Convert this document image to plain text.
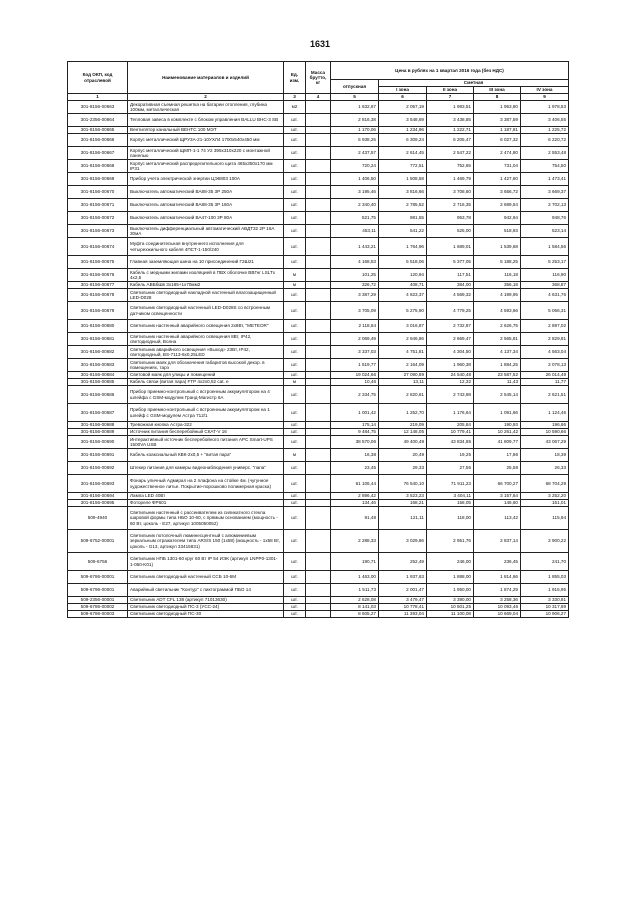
1631
Код ОКП, код отраслевой	Наименование материалов и изделий	Ед. изм.	Масса брутто, кг	Цена в рублях на 1 квартал 2016 года (без НДС)				
				отпускная	Сметная			
					I зона	II зона	III зона	IV зона
1	2	3	4	5	6	7	8	9
301-8156-00663	Декоративная съемная решетка на батареи отопления, глубина 100мм, металлическая	м2		1 632,67	2 057,19	1 983,51	1 953,80	1 978,53
301-2356-00664	Тепловая завеса в комплекте с блоком управления BALLU BHC-3 SB	шт.		2 816,38	3 548,69	3 438,85	3 387,59	3 406,55
301-8156-00665	Вентилятор канальный ВЕНТС 100 МЭТ	шт.		1 170,06	1 234,96	1 222,71	1 187,81	1 225,72
301-8156-00666	Корпус металлический ЩРУ3А-21-10УХЛ4 1700x540x450 мм	шт.		5 938,25	6 309,24	6 205,47	6 027,32	6 220,72
301-8156-00667	Корпус металлический ЩМП-1-1 74 У2 395x310x220 с монтажной панелью	шт.		2 437,57	2 614,45	2 547,22	2 474,80	2 553,48
301-8156-00668	Корпус металлический распределительного щита 465x350x170 мм IP31	шт.		720,24	772,51	752,65	731,04	754,50
301-8156-00669	Прибор учета электрической энергии ЦЭ6803 100А	шт.		1 406,50	1 508,58	1 469,79	1 427,60	1 473,41
301-8156-00670	Выключатель автоматический ВА88-35 3Р 250А	шт.		3 195,46	3 816,66	3 708,60	3 656,72	3 669,37
301-8156-00671	Выключатель автоматический ВА88-35 3Р 160А	шт.		2 340,40	2 785,52	2 716,35	2 689,54	2 702,13
301-8156-00672	Выключатель автоматический ВА47-100 3Р 80А	шт.		521,75	981,55	953,78	942,94	948,76
301-8156-00673	Выключатель дифференциальный автоматический АВДТ32 2Р 16А 30мА	шт.		453,11	541,22	525,00	518,93	523,14
301-8156-00674	Муфта соединительная внутреннего исполнения для четырехжильного кабеля 4ПСТ-1-150/240	шт.		1 443,21	1 764,96	1 689,01	1 539,68	1 584,56
301-8156-00675	Главная заземляющая шина на 10 присоединений ГЗШ21	шт.		4 168,53	5 518,06	5 377,05	5 188,25	5 253,17
301-8156-00676	Кабель с медными жилами изоляцией в ПВХ оболочке ВВГнг LSLTx 4x2,5	м		101,25	120,94	117,51	116,18	116,90
301-8156-00677	Кабель АВБбШв 3x185+1x70мм2	м		326,72	408,71	384,00	356,18	368,87
301-8156-00678	Светильник светодиодный накладной настенный влагозащищенный LED-D028	шт.		3 387,29	4 823,37	4 569,32	4 199,95	4 631,76
301-8156-00679	Светильник светодиодный настенный LED-D028S со встроенным датчиком освещенности	шт.		3 705,09	5 275,90	4 779,25	4 593,66	5 066,31
301-8156-00680	Светильник настенный аварийного освещения 2x8Вт, "METEOR"	шт.		2 118,64	3 016,87	2 732,87	2 626,75	2 897,02
301-8156-00681	Светильник настенный аварийного освещения 8Вт, IP42, светодиодный, Волна	шт.		2 069,49	2 946,86	2 669,47	2 565,81	2 829,81
301-8156-00682	Светильник аварийного освещения «Выход» 23Вт, IP42, светодиодный, BS-7113-6x0,25LED	шт.		3 337,03	4 751,81	4 304,50	4 137,34	4 563,04
301-8156-00683	Светильник маяк для обозначения габаритов высокой декор. в помещениях, тарэ	шт.		1 519,77	2 164,09	1 960,38	1 884,25	2 078,13
301-8156-00684	Световой маяк для улицы и помещений	шт.		19 024,66	27 090,89	24 540,48	23 587,52	26 014,49
301-8156-00685	Кабель связи (витая пара) FTP 4x2x0,52 cat. e	м		10,46	13,11	12,32	11,43	11,77
301-8156-00686	Прибор приемно-контрольный с встроенным аккумулятором на 4 шлейфа с GSM-модулем Гранд-Магистр 6А	шт.		2 334,75	2 820,61	2 743,98	2 545,14	2 621,51
301-8156-00687	Прибор приемно-контрольный с встроенным аккумулятором на 1 шлейф с GSM-модулем Астра 712/1	шт.		1 001,42	1 252,70	1 176,64	1 091,66	1 124,46
301-8156-00688	Тревожная кнопка Астра-322	шт.		175,14	219,09	205,84	190,93	196,66
301-8156-00689	Источник питания бесперебойный СКАТ-V 16	шт.		9 484,75	12 148,05	10 779,41	10 261,42	10 590,66
301-8156-00690	Интерактивный источник бесперебойного питания APC Smart-UPS 1500VA USB	шт.		38 570,06	49 400,49	43 834,85	41 809,77	43 067,29
301-8156-00691	Кабель коаксиальный КВК-2x0,5 + "витая пара"	м		16,38	20,49	19,25	17,86	18,39
301-8156-00692	Штекер питания для камеры видеонаблюдения универс. "папа"	шт.		23,45	29,33	27,56	25,58	26,33
301-8156-00693	Фонарь уличный Адмирал на 2 плафона на стойке 4м. (чугунное художественное литье. Покрытие-порошково полимерная краска)	шт.		61 106,44	76 540,10	71 911,23	66 700,27	68 704,29
301-8156-00694	Лампа LED 40Вт	шт.		2 896,42	3 523,23	3 404,11	3 157,64	3 252,20
301-8156-00695	Фотореле ФР601	шт.		134,46	168,21	158,05	146,60	151,01
509-4940	Светильник настенный с рассеивателем из силикатного стекла шаровой формы типа НБО 10-60, с прямым основанием (мощность - 60 Вт, цоколь - Е27, артикул 1005050052)	шт.		91,48	121,11	118,00	113,42	115,94
509-6752-00001	Светильник потолочный люминесцентный с алюминиевым зеркальным отражателем типа ARS/S 150 (1x58) (мощность - 1x58 Вт, цоколь - G13, артикул 33415831)	шт.		2 288,33	3 029,86	2 951,76	2 837,14	2 900,22
509-6756	Светильник НПБ 1301-60 круг 60 Вт IP 54 ИЭК (артикул LNPP0-1301-1-060-K01)	шт.		190,71	252,49	246,00	236,45	241,70
509-6786-00001	Светильник светодиодный настенный ССБ 10-6М	шт.		1 463,00	1 937,63	1 888,00	1 814,66	1 855,03
509-6796-00001	Аварийный светильник "Контур" с пиктограммой ПБО 14	шт.		1 511,73	2 001,47	1 950,00	1 874,29	1 915,95
509-2356-00001	Светильник ADT CFL 138 (артикул 71013630)	шт.		2 628,08	3 479,47	3 390,00	3 258,36	3 330,81
509-6786-00002	Светильник светодиодный ПС-3 (УСС-24)	шт.		8 141,03	10 778,41	10 501,25	10 093,46	10 317,89
509-6786-00003	Светильник светодиодный ПС-30	шт.		8 605,27	11 393,04	11 100,08	10 669,04	10 906,27
